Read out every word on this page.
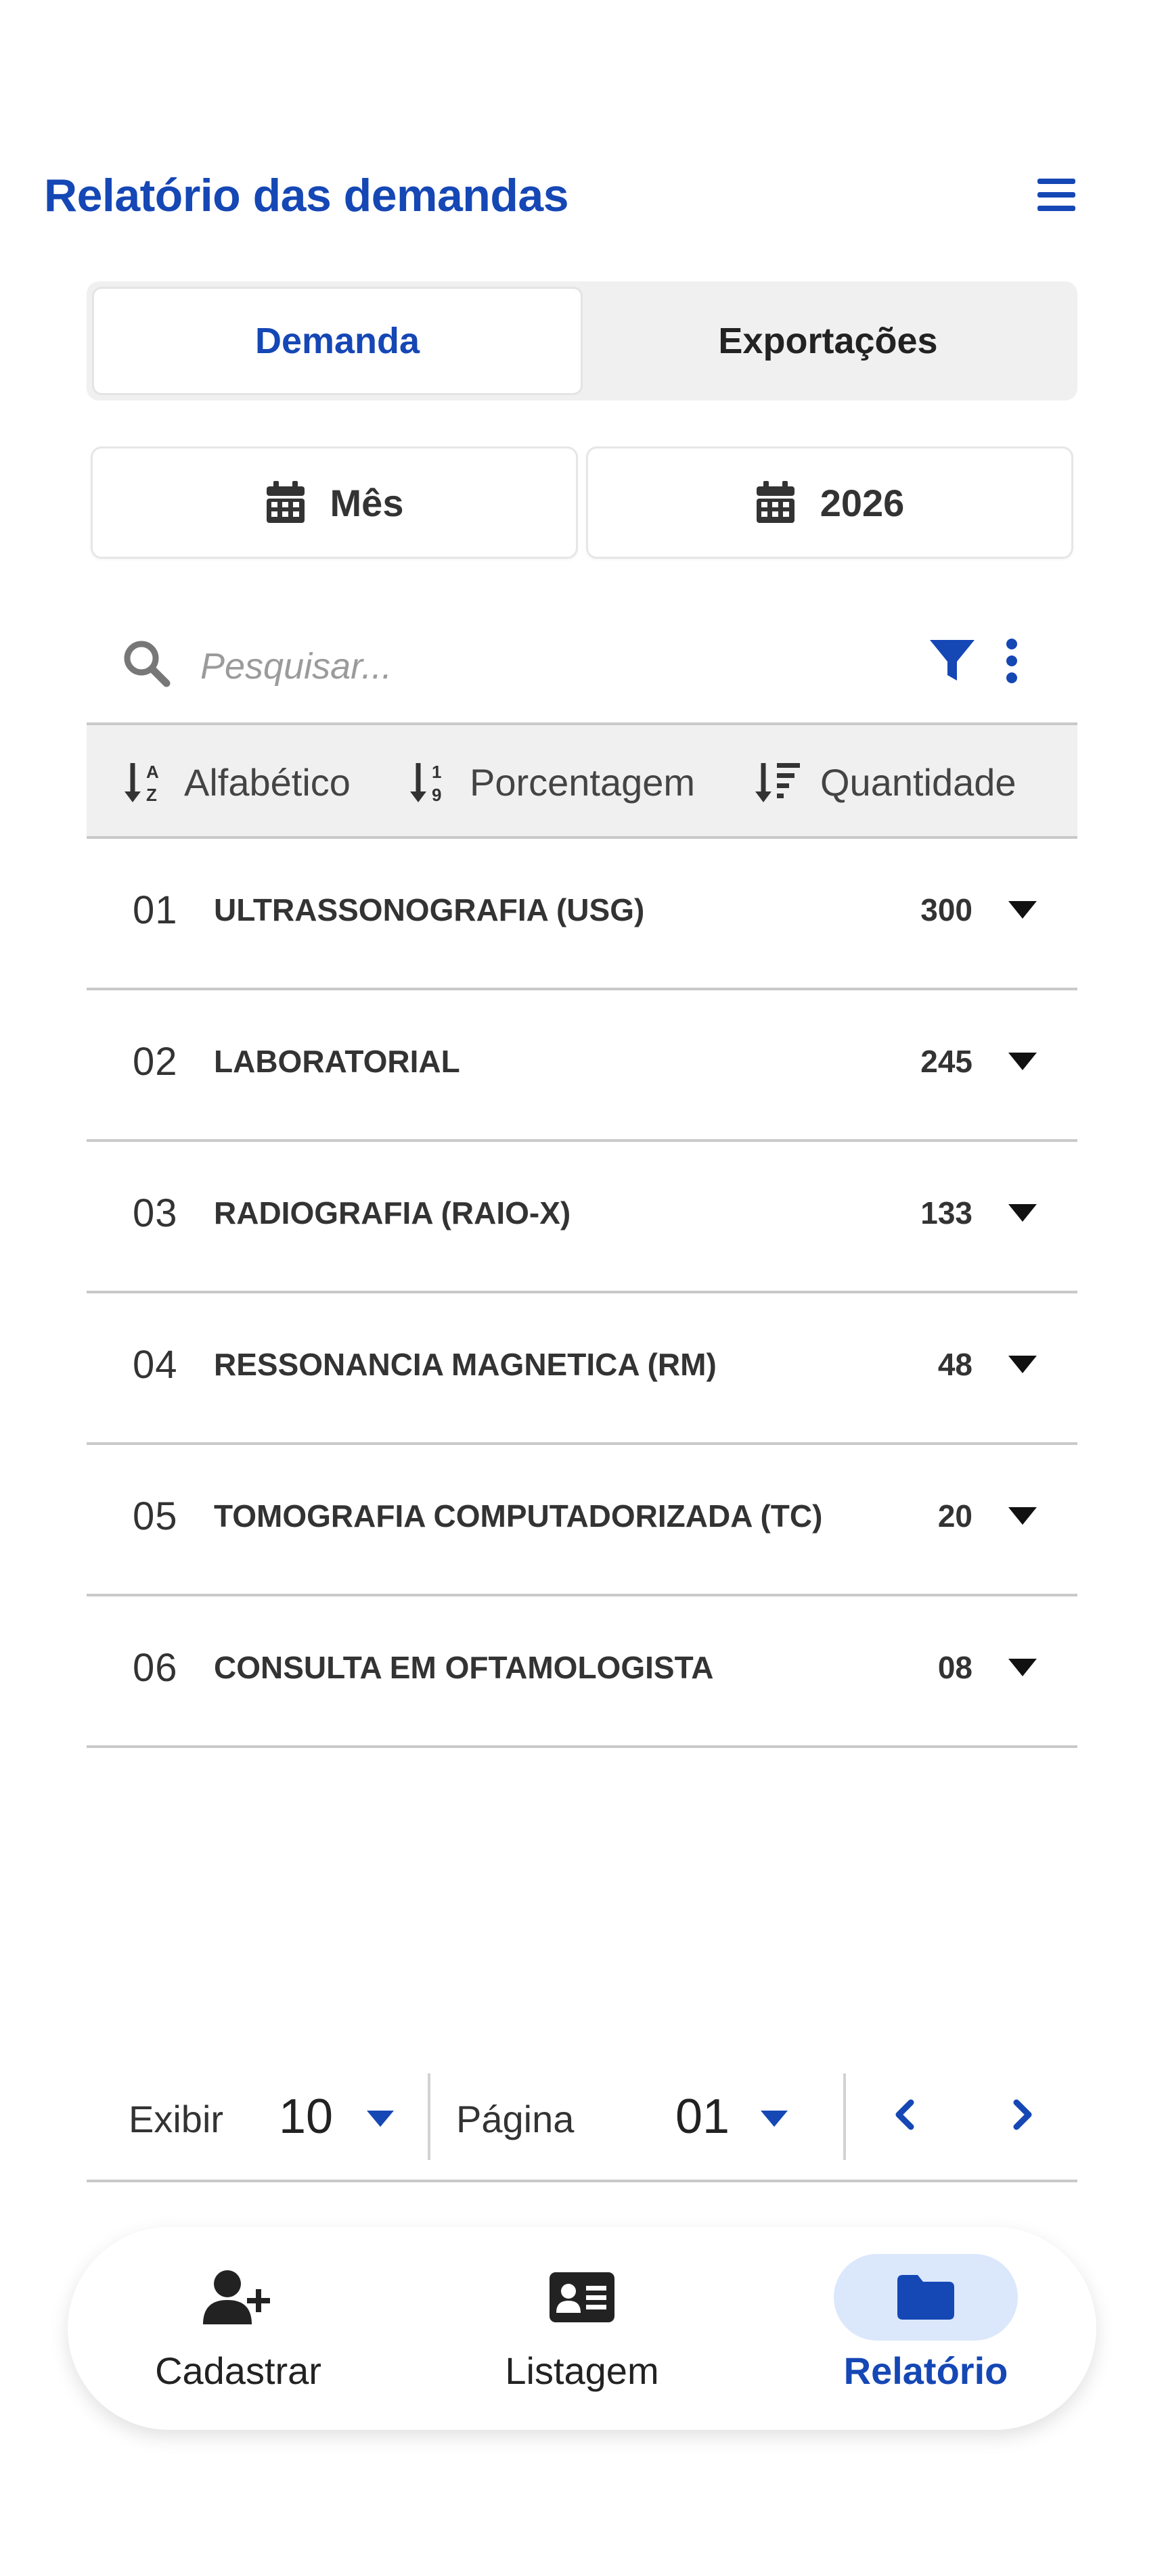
Relatório das demandas
Demanda	Exportações
Mês	2026
Pesquisar...
A
Z Alfabético	1
9 Porcentagem	Quantidade
01 ULTRASSONOGRAFIA (USG)	300
02 LABORATORIAL	245
03 RADIOGRAFIA (RAIO-X)	133
04 RESSONANCIA MAGNETICA (RM)	48
05 TOMOGRAFIA COMPUTADORIZADA (TC)	20
06 CONSULTA EM OFTAMOLOGISTA	08
Exibir 10	Página 01
Cadastrar	Listagem	Relatório
